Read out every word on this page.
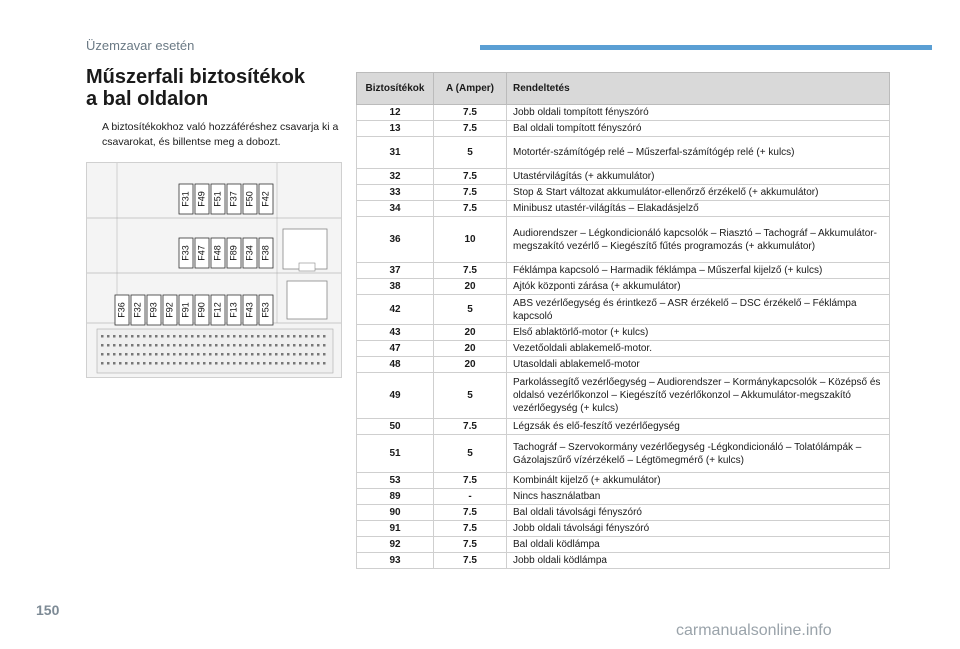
Üzemzavar esetén
Műszerfali biztosítékok
a bal oldalon
A biztosítékokhoz való hozzáféréshez csavarja ki a csavarokat, és billentse meg a dobozt.
F31 F49 F51 F37 F50 F42
F33 F47 F48 F89 F34 F38
F36 F32 F93 F92 F91 F90 F12 F13 F43 F53
Biztosítékok	A (Amper)	Rendeltetés
12	7.5	Jobb oldali tompított fényszóró
13	7.5	Bal oldali tompított fényszóró
31	5	Motortér-számítógép relé – Műszerfal-számítógép relé (+ kulcs)
32	7.5	Utastérvilágítás (+ akkumulátor)
33	7.5	Stop & Start változat akkumulátor-ellenőrző érzékelő (+ akkumulátor)
34	7.5	Minibusz utastér-világítás – Elakadásjelző
36	10	Audiorendszer – Légkondicionáló kapcsolók – Riasztó – Tachográf – Akkumulátor-megszakító vezérlő – Kiegészítő fűtés programozás (+ akkumulátor)
37	7.5	Féklámpa kapcsoló – Harmadik féklámpa – Műszerfal kijelző (+ kulcs)
38	20	Ajtók központi zárása (+ akkumulátor)
42	5	ABS vezérlőegység és érintkező – ASR érzékelő – DSC érzékelő – Féklámpa kapcsoló
43	20	Első ablaktörlő-motor (+ kulcs)
47	20	Vezetőoldali ablakemelő-motor.
48	20	Utasoldali ablakemelő-motor
49	5	Parkolássegítő vezérlőegység – Audiorendszer – Kormánykapcsolók – Középső és oldalsó vezérlőkonzol – Kiegészítő vezérlőkonzol – Akkumulátor-megszakító vezérlőegység (+ kulcs)
50	7.5	Légzsák és elő-feszítő vezérlőegység
51	5	Tachográf – Szervokormány vezérlőegység -Légkondicionáló – Tolatólámpák – Gázolajszűrő vízérzékelő – Légtömegmérő (+ kulcs)
53	7.5	Kombinált kijelző (+ akkumulátor)
89	-	Nincs használatban
90	7.5	Bal oldali távolsági fényszóró
91	7.5	Jobb oldali távolsági fényszóró
92	7.5	Bal oldali ködlámpa
93	7.5	Jobb oldali ködlámpa
150
carmanualsonline.info
